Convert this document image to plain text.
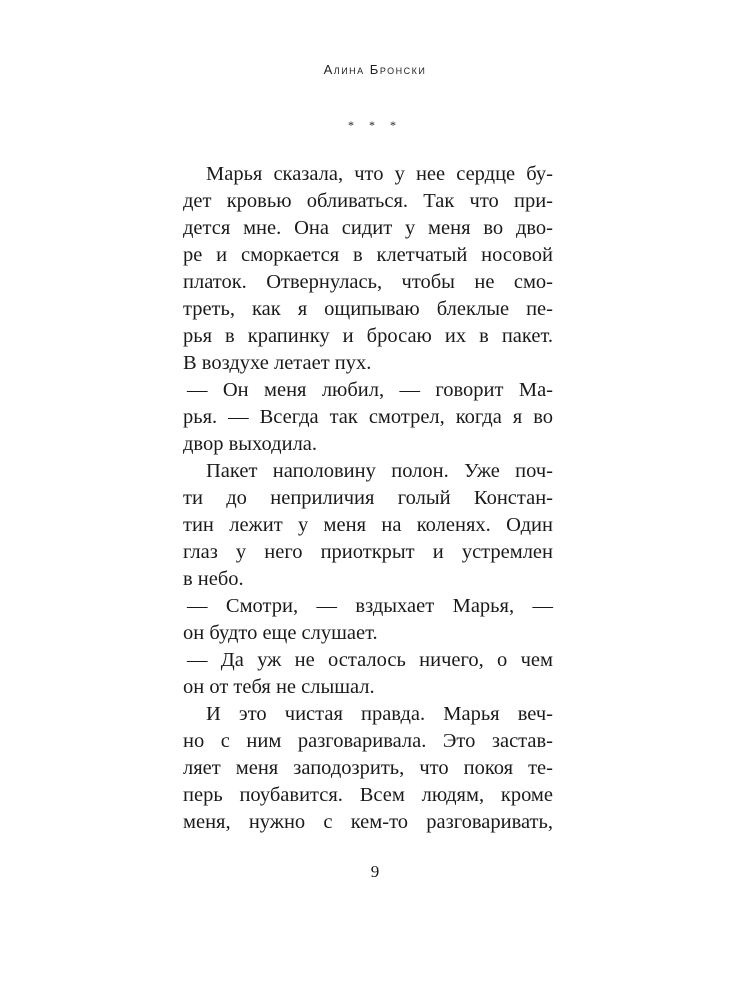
Алина Бронски
* * *
Марья сказала, что у нее сердце бу-
дет кровью обливаться. Так что при-
дется мне. Она сидит у меня во дво-
ре и сморкается в клетчатый носовой
платок. Отвернулась, чтобы не смо-
треть, как я ощипываю блеклые пе-
рья в крапинку и бросаю их в пакет.
В воздухе летает пух.
— Он меня любил, — говорит Ма-
рья. — Всегда так смотрел, когда я во
двор выходила.
Пакет наполовину полон. Уже поч-
ти до неприличия голый Констан-
тин лежит у меня на коленях. Один
глаз у него приоткрыт и устремлен
в небо.
— Смотри, — вздыхает Марья, —
он будто еще слушает.
— Да уж не осталось ничего, о чем
он от тебя не слышал.
И это чистая правда. Марья веч-
но с ним разговаривала. Это застав-
ляет меня заподозрить, что покоя те-
перь поубавится. Всем людям, кроме
меня, нужно с кем-то разговаривать,
9
